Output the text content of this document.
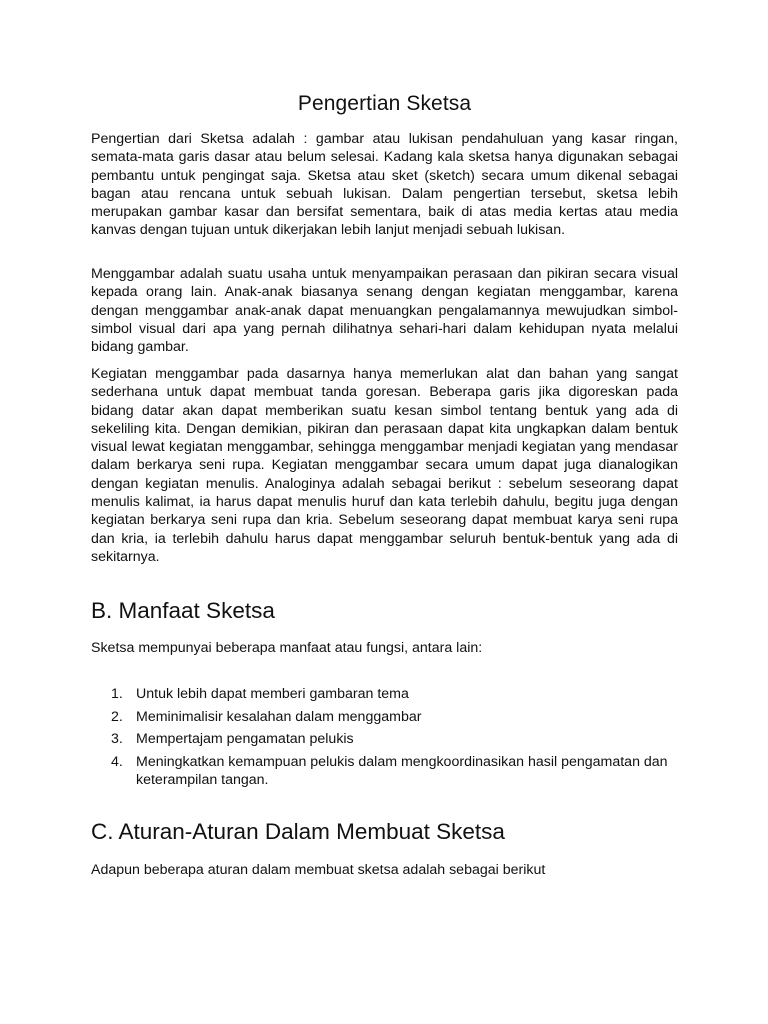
Pengertian Sketsa

Pengertian dari Sketsa adalah : gambar atau lukisan pendahuluan yang kasar ringan, semata-mata garis dasar atau belum selesai. Kadang kala sketsa hanya digunakan sebagai pembantu untuk pengingat saja. Sketsa atau sket (sketch) secara umum dikenal sebagai bagan atau rencana untuk sebuah lukisan. Dalam pengertian tersebut, sketsa lebih merupakan gambar kasar dan bersifat sementara, baik di atas media kertas atau media kanvas dengan tujuan untuk dikerjakan lebih lanjut menjadi sebuah lukisan.

Menggambar adalah suatu usaha untuk menyampaikan perasaan dan pikiran secara visual kepada orang lain. Anak-anak biasanya senang dengan kegiatan menggambar, karena dengan menggambar anak-anak dapat menuangkan pengalamannya mewujudkan simbol-simbol visual dari apa yang pernah dilihatnya sehari-hari dalam kehidupan nyata melalui bidang gambar.

Kegiatan menggambar pada dasarnya hanya memerlukan alat dan bahan yang sangat sederhana untuk dapat membuat tanda goresan. Beberapa garis jika digoreskan pada bidang datar akan dapat memberikan suatu kesan simbol tentang bentuk yang ada di sekeliling kita. Dengan demikian, pikiran dan perasaan dapat kita ungkapkan dalam bentuk visual lewat kegiatan menggambar, sehingga menggambar menjadi kegiatan yang mendasar dalam berkarya seni rupa. Kegiatan menggambar secara umum dapat juga dianalogikan dengan kegiatan menulis. Analoginya adalah sebagai berikut : sebelum seseorang dapat menulis kalimat, ia harus dapat menulis huruf dan kata terlebih dahulu, begitu juga dengan kegiatan berkarya seni rupa dan kria. Sebelum seseorang dapat membuat karya seni rupa dan kria, ia terlebih dahulu harus dapat menggambar seluruh bentuk-bentuk yang ada di sekitarnya.

B. Manfaat Sketsa

Sketsa mempunyai beberapa manfaat atau fungsi, antara lain:

1. Untuk lebih dapat memberi gambaran tema
2. Meminimalisir kesalahan dalam menggambar
3. Mempertajam pengamatan pelukis
4. Meningkatkan kemampuan pelukis dalam mengkoordinasikan hasil pengamatan dan keterampilan tangan.
C. Aturan-Aturan Dalam Membuat Sketsa

Adapun beberapa aturan dalam membuat sketsa adalah sebagai berikut
